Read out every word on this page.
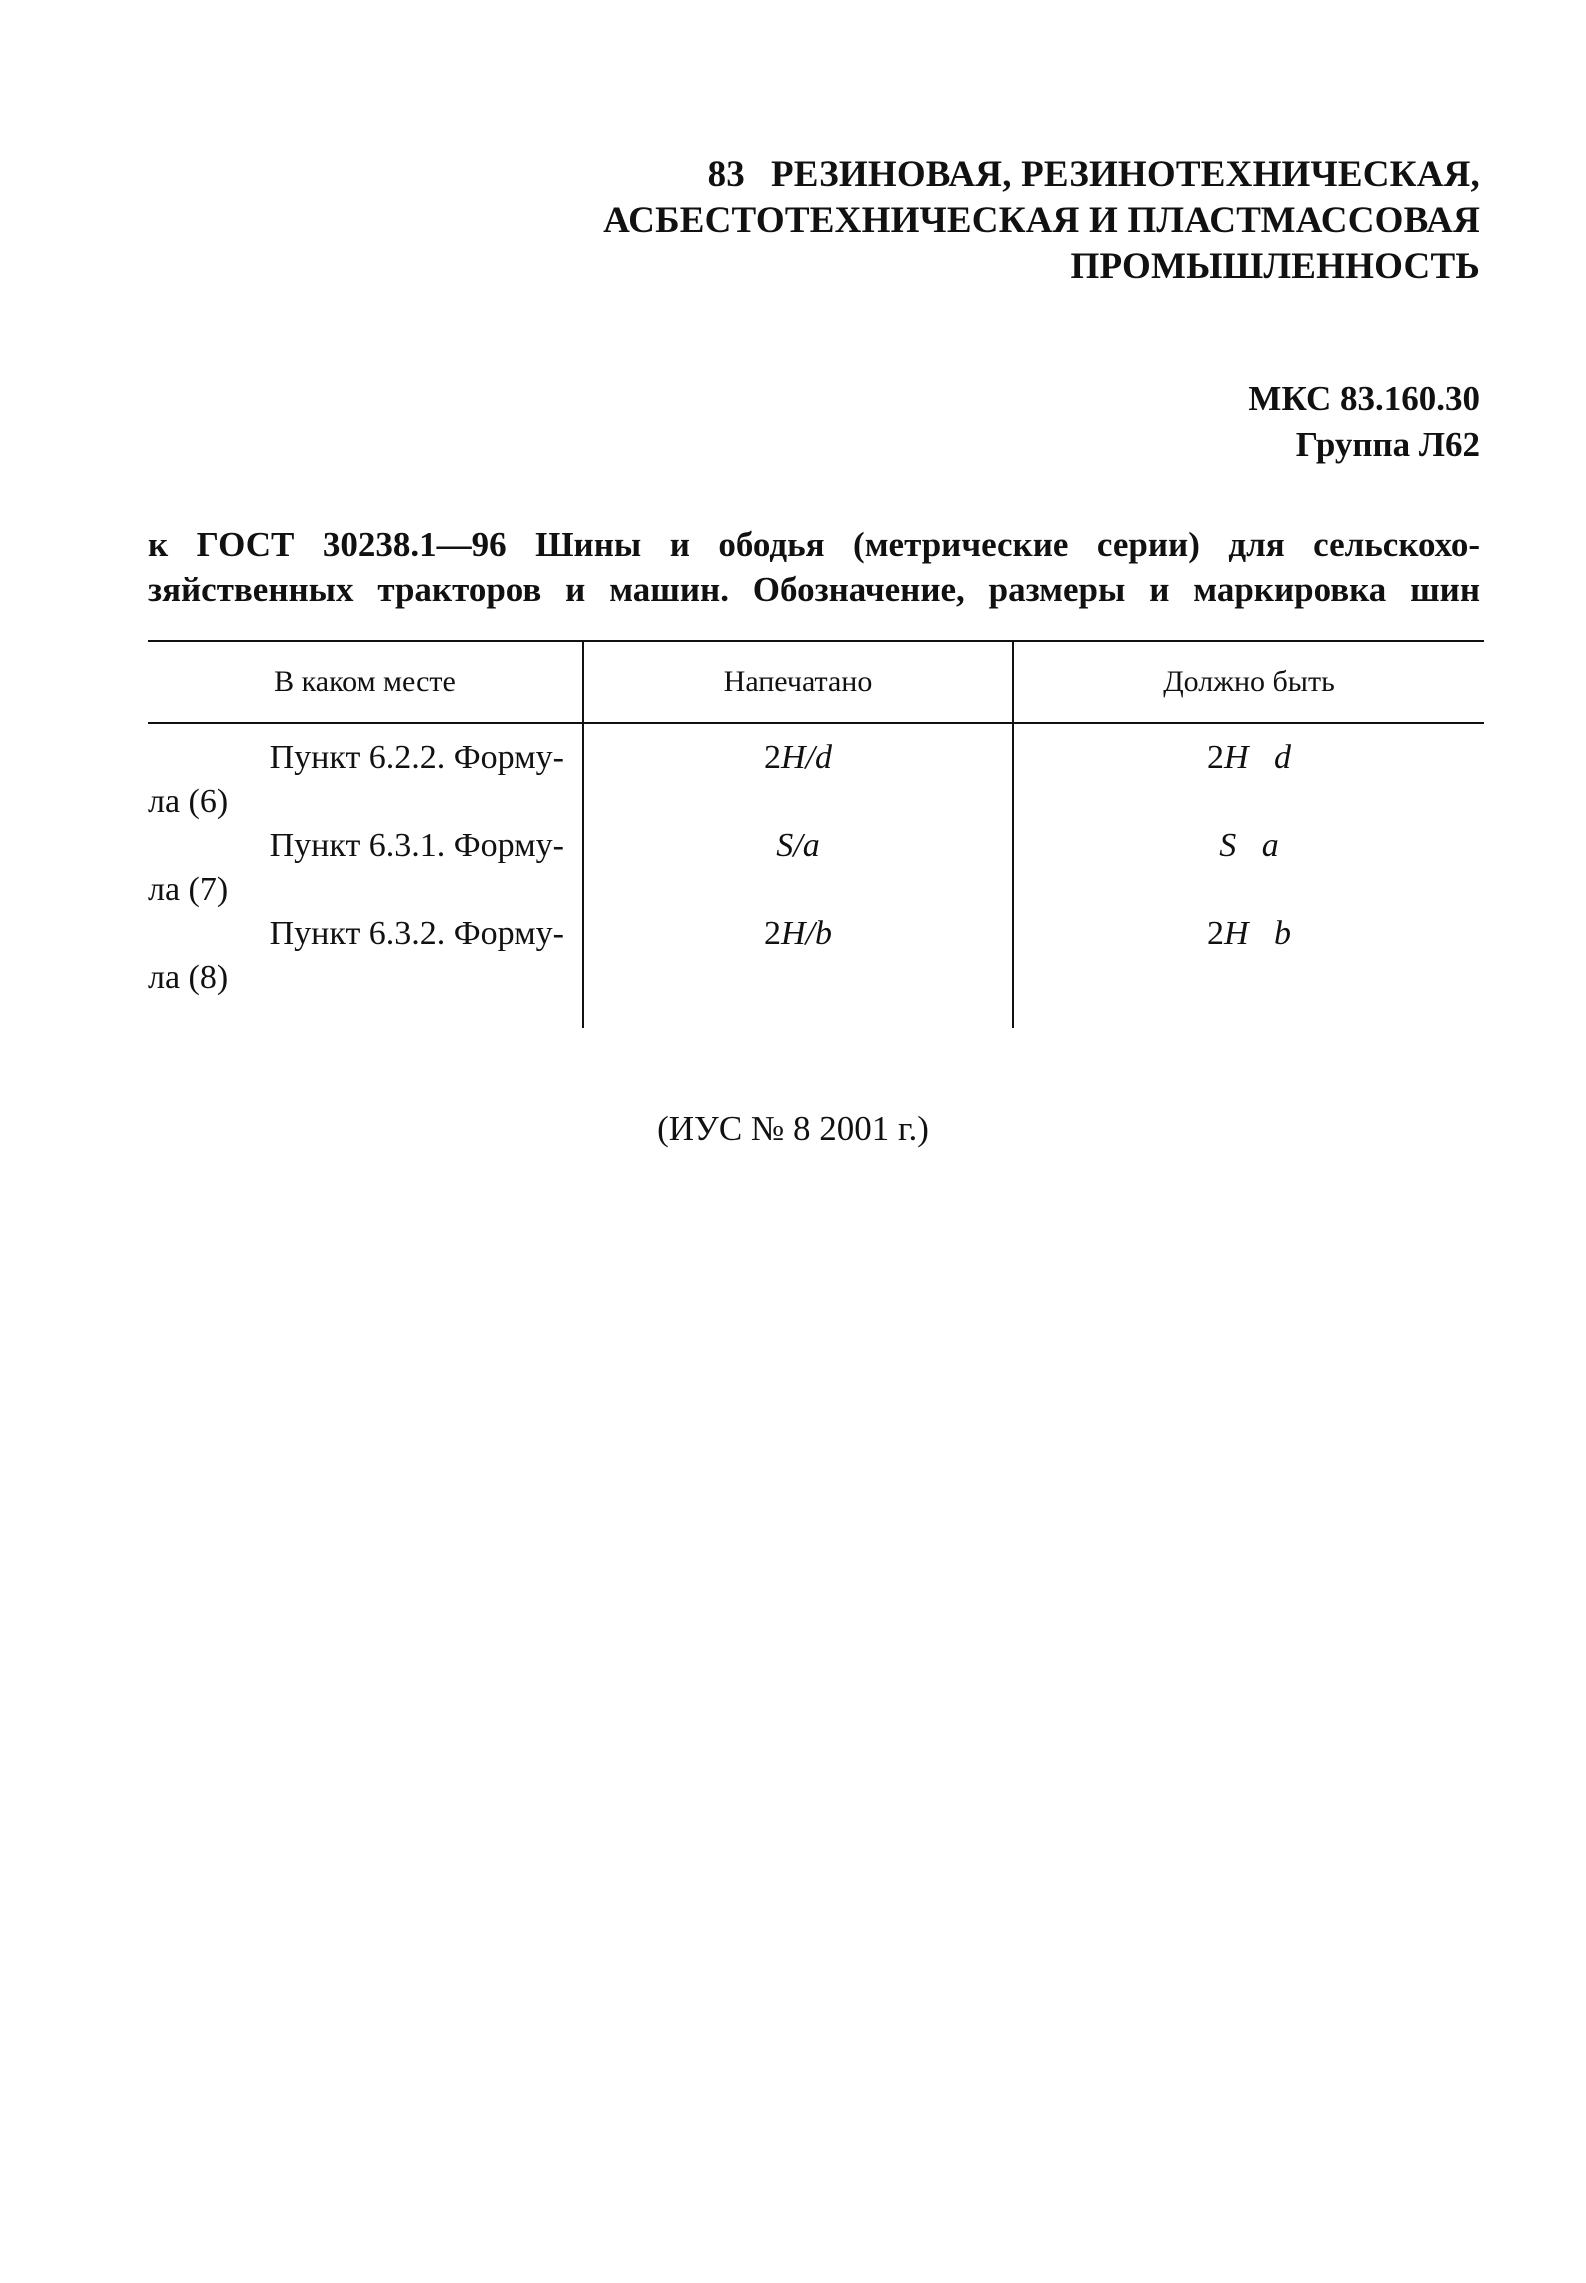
83 РЕЗИНОВАЯ, РЕЗИНОТЕХНИЧЕСКАЯ,
АСБЕСТОТЕХНИЧЕСКАЯ И ПЛАСТМАССОВАЯ
ПРОМЫШЛЕННОСТЬ
МКС 83.160.30
Группа Л62
к ГОСТ 30238.1—96 Шины и ободья (метрические серии) для сельскохо-
зяйственных тракторов и машин. Обозначение, размеры и маркировка шин
В каком месте	Напечатано	Должно быть

Пункт 6.2.2. Форму-
ла (6)	2H/d	2H   d

Пункт 6.3.1. Форму-
ла (7)	S/a	S   a

Пункт 6.3.2. Форму-
ла (8)	2H/b	2H   b
(ИУС № 8 2001 г.)
